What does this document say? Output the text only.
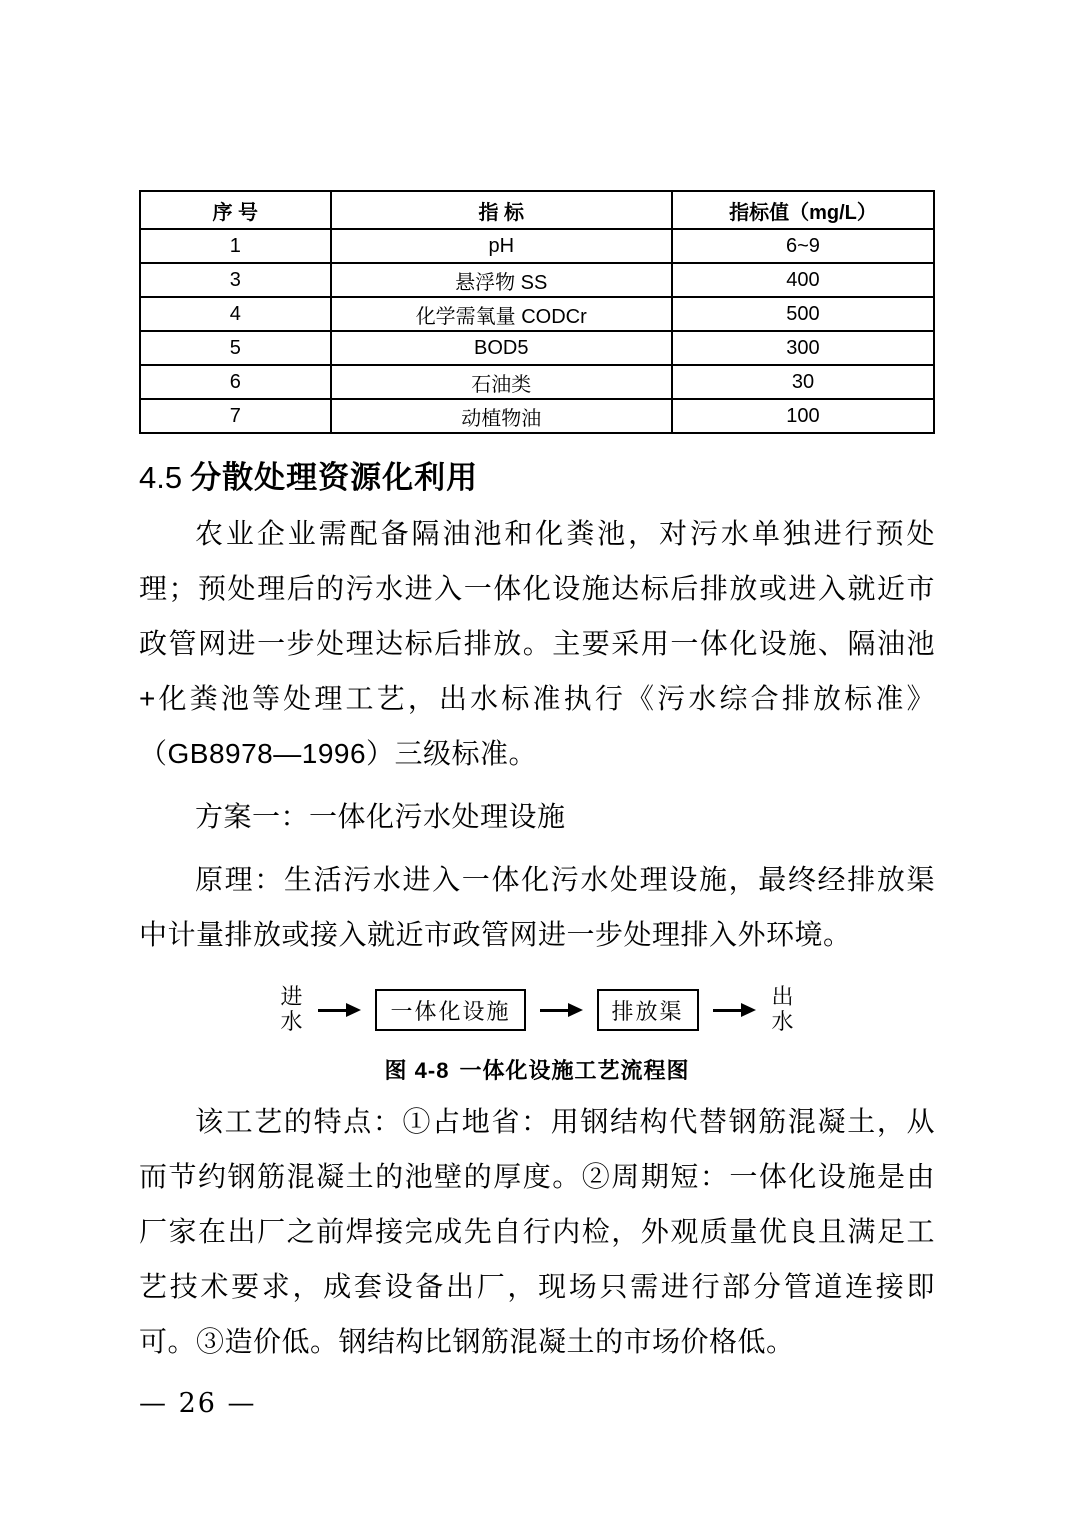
序 号	指 标	指标值（mg/L）
1	pH	6~9
3	悬浮物 SS	400
4	化学需氧量 CODCr	500
5	BOD5	300
6	石油类	30
7	动植物油	100
4.5 分散处理资源化利用

农业企业需配备隔油池和化粪池，对污水单独进行预处理；预处理后的污水进入一体化设施达标后排放或进入就近市政管网进一步处理达标后排放。主要采用一体化设施、隔油池+化粪池等处理工艺，出水标准执行《污水综合排放标准》（GB8978—1996）三级标准。

方案一：一体化污水处理设施

原理：生活污水进入一体化污水处理设施，最终经排放渠中计量排放或接入就近市政管网进一步处理排入外环境。

进水	一体化设施	排放渠
出水
图 4-8 一体化设施工艺流程图

该工艺的特点：①占地省：用钢结构代替钢筋混凝土，从而节约钢筋混凝土的池壁的厚度。②周期短：一体化设施是由厂家在出厂之前焊接完成先自行内检，外观质量优良且满足工艺技术要求，成套设备出厂，现场只需进行部分管道连接即可。③造价低。钢结构比钢筋混凝土的市场价格低。

— 26 —
